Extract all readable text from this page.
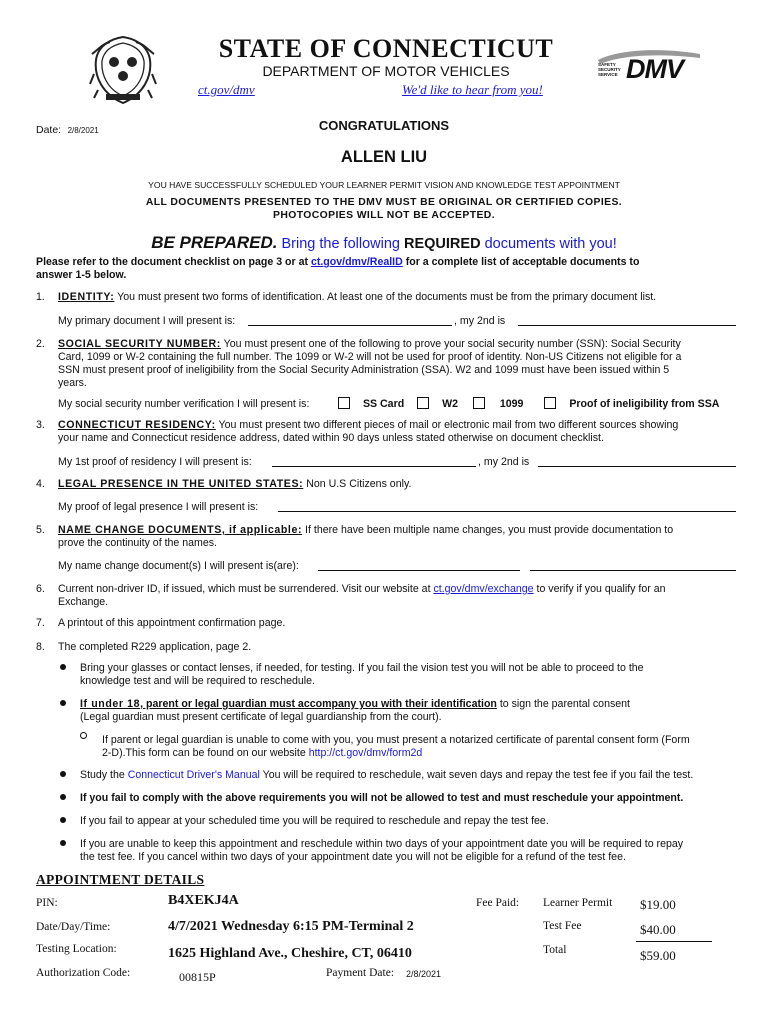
STATE OF CONNECTICUT
DEPARTMENT OF MOTOR VEHICLES
ct.gov/dmv	We'd like to hear from you!
SAFETY
SECURITY
SERVICE DMV
Date: 2/8/2021	CONGRATULATIONS
ALLEN LIU
YOU HAVE SUCCESSFULLY SCHEDULED YOUR LEARNER PERMIT VISION AND KNOWLEDGE TEST APPOINTMENT
ALL DOCUMENTS PRESENTED TO THE DMV MUST BE ORIGINAL OR CERTIFIED COPIES.
PHOTOCOPIES WILL NOT BE ACCEPTED.
BE PREPARED. Bring the following REQUIRED documents with you!
Please refer to the document checklist on page 3 or at ct.gov/dmv/RealID for a complete list of acceptable documents to
answer 1-5 below.
1. IDENTITY: You must present two forms of identification. At least one of the documents must be from the primary document list.
My primary document I will present is:	, my 2nd is
2. SOCIAL SECURITY NUMBER: You must present one of the following to prove your social security number (SSN): Social Security
Card, 1099 or W-2 containing the full number. The 1099 or W-2 will not be used for proof of identity. Non-US Citizens not eligible for a
SSN must present proof of ineligibility from the Social Security Administration (SSA). W2 and 1099 must have been issued within 5
years.
My social security number verification I will present is:	SS Card	W2	1099	Proof of ineligibility from SSA
3. CONNECTICUT RESIDENCY: You must present two different pieces of mail or electronic mail from two different sources showing
your name and Connecticut residence address, dated within 90 days unless stated otherwise on document checklist.
My 1st proof of residency I will present is:	, my 2nd is
4. LEGAL PRESENCE IN THE UNITED STATES: Non U.S Citizens only.
My proof of legal presence I will present is:
5. NAME CHANGE DOCUMENTS, if applicable: If there have been multiple name changes, you must provide documentation to
prove the continuity of the names.
My name change document(s) I will present is(are):
6. Current non-driver ID, if issued, which must be surrendered. Visit our website at ct.gov/dmv/exchange to verify if you qualify for an
Exchange.
7. A printout of this appointment confirmation page.
8. The completed R229 application, page 2.
Bring your glasses or contact lenses, if needed, for testing. If you fail the vision test you will not be able to proceed to the
knowledge test and will be required to reschedule.
If under 18, parent or legal guardian must accompany you with their identification to sign the parental consent
(Legal guardian must present certificate of legal guardianship from the court).
If parent or legal guardian is unable to come with you, you must present a notarized certificate of parental consent form (Form
2-D).This form can be found on our website http://ct.gov/dmv/form2d
Study the Connecticut Driver's Manual You will be required to reschedule, wait seven days and repay the test fee if you fail the test.
If you fail to comply with the above requirements you will not be allowed to test and must reschedule your appointment.
If you fail to appear at your scheduled time you will be required to reschedule and repay the test fee.
If you are unable to keep this appointment and reschedule within two days of your appointment date you will be required to repay
the test fee. If you cancel within two days of your appointment date you will not be eligible for a refund of the test fee.
APPOINTMENT DETAILS
PIN:	B4XEKJ4A
Date/Day/Time:	4/7/2021 Wednesday 6:15 PM-Terminal 2
Testing Location:	1625 Highland Ave., Cheshire, CT, 06410
Authorization Code:	00815P	Payment Date: 2/8/2021
Fee Paid: Learner Permit $19.00
Test Fee	$40.00
Total	$59.00
